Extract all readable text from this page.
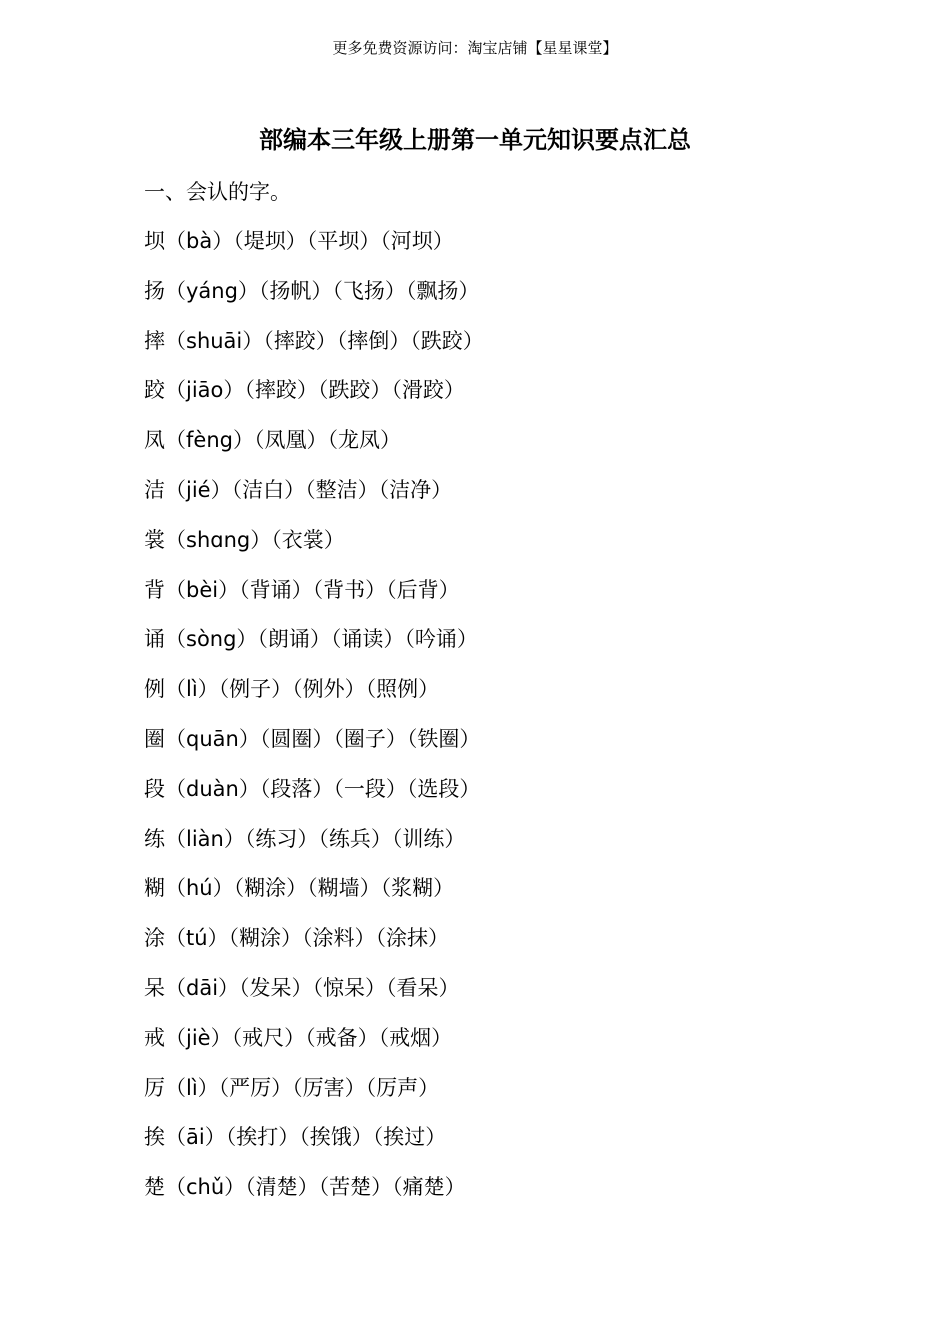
更多免费资源访问：淘宝店铺【星星课堂】
部编本三年级上册第一单元知识要点汇总
一、会认的字。
坝（bà）（堤坝）（平坝）（河坝）
扬（yáng）（扬帆）（飞扬）（飘扬）
摔（shuāi）（摔跤）（摔倒）（跌跤）
跤（jiāo）（摔跤）（跌跤）（滑跤）
凤（fèng）（凤凰）（龙凤）
洁（jié）（洁白）（整洁）（洁净）
裳（shɑng）（衣裳）
背（bèi）（背诵）（背书）（后背）
诵（sòng）（朗诵）（诵读）（吟诵）
例（lì）（例子）（例外）（照例）
圈（quān）（圆圈）（圈子）（铁圈）
段（duàn）（段落）（一段）（选段）
练（liàn）（练习）（练兵）（训练）
糊（hú）（糊涂）（糊墙）（浆糊）
涂（tú）（糊涂）（涂料）（涂抹）
呆（dāi）（发呆）（惊呆）（看呆）
戒（jiè）（戒尺）（戒备）（戒烟）
厉（lì）（严厉）（厉害）（厉声）
挨（āi）（挨打）（挨饿）（挨过）
楚（chǔ）（清楚）（苦楚）（痛楚）
